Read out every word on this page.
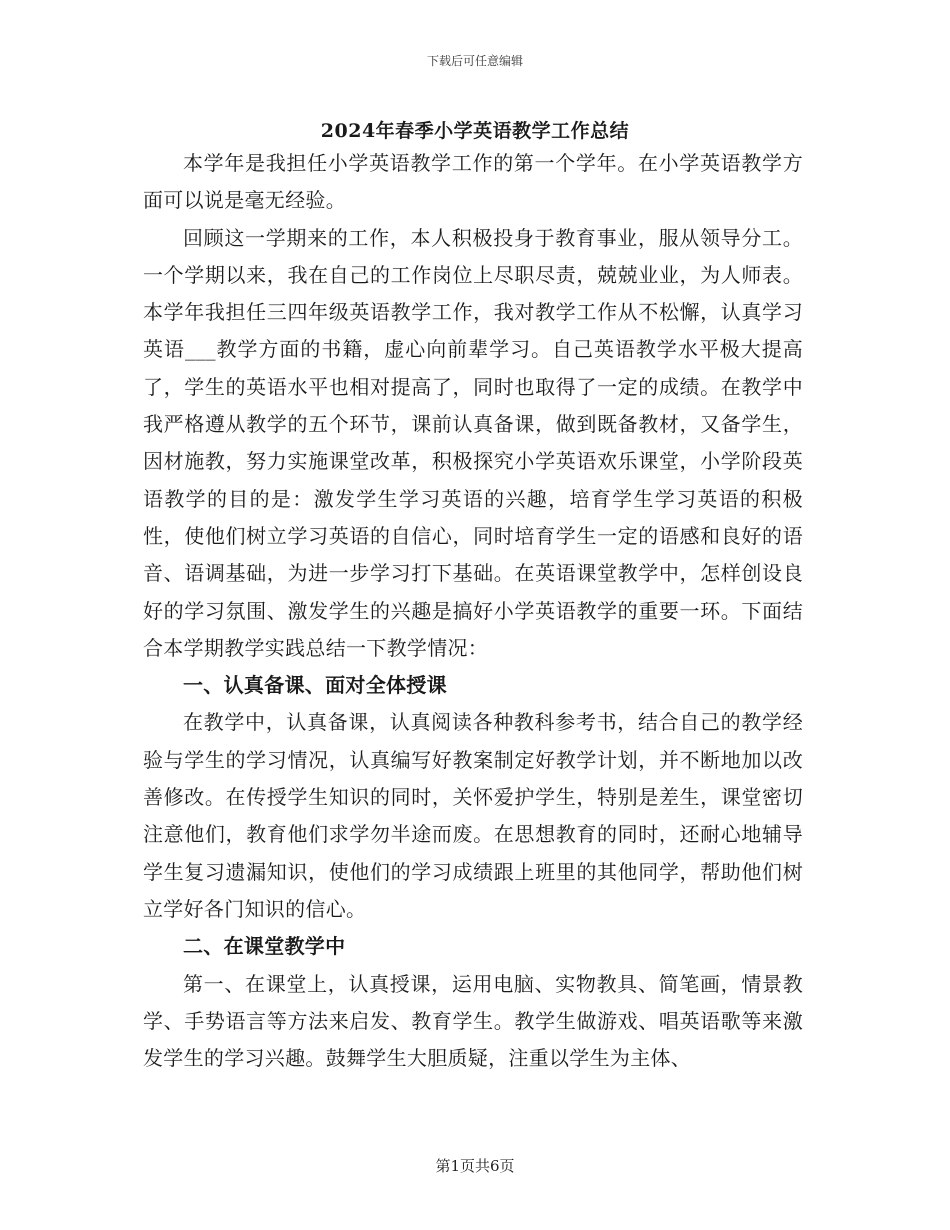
下载后可任意编辑
2024年春季小学英语教学工作总结

本学年是我担任小学英语教学工作的第一个学年。在小学英语教学方面可以说是毫无经验。

回顾这一学期来的工作，本人积极投身于教育事业，服从领导分工。一个学期以来，我在自己的工作岗位上尽职尽责，兢兢业业，为人师表。本学年我担任三四年级英语教学工作，我对教学工作从不松懈，认真学习英语___教学方面的书籍，虚心向前辈学习。自己英语教学水平极大提高了，学生的英语水平也相对提高了，同时也取得了一定的成绩。在教学中我严格遵从教学的五个环节，课前认真备课，做到既备教材，又备学生，因材施教，努力实施课堂改革，积极探究小学英语欢乐课堂，小学阶段英语教学的目的是：激发学生学习英语的兴趣，培育学生学习英语的积极性，使他们树立学习英语的自信心，同时培育学生一定的语感和良好的语音、语调基础，为进一步学习打下基础。在英语课堂教学中，怎样创设良好的学习氛围、激发学生的兴趣是搞好小学英语教学的重要一环。下面结合本学期教学实践总结一下教学情况：

一、认真备课、面对全体授课

在教学中，认真备课，认真阅读各种教科参考书，结合自己的教学经验与学生的学习情况，认真编写好教案制定好教学计划，并不断地加以改善修改。在传授学生知识的同时，关怀爱护学生，特别是差生，课堂密切注意他们，教育他们求学勿半途而废。在思想教育的同时，还耐心地辅导学生复习遗漏知识，使他们的学习成绩跟上班里的其他同学，帮助他们树立学好各门知识的信心。

二、在课堂教学中

第一、在课堂上，认真授课，运用电脑、实物教具、简笔画，情景教学、手势语言等方法来启发、教育学生。教学生做游戏、唱英语歌等来激发学生的学习兴趣。鼓舞学生大胆质疑，注重以学生为主体、

第1页共6页
